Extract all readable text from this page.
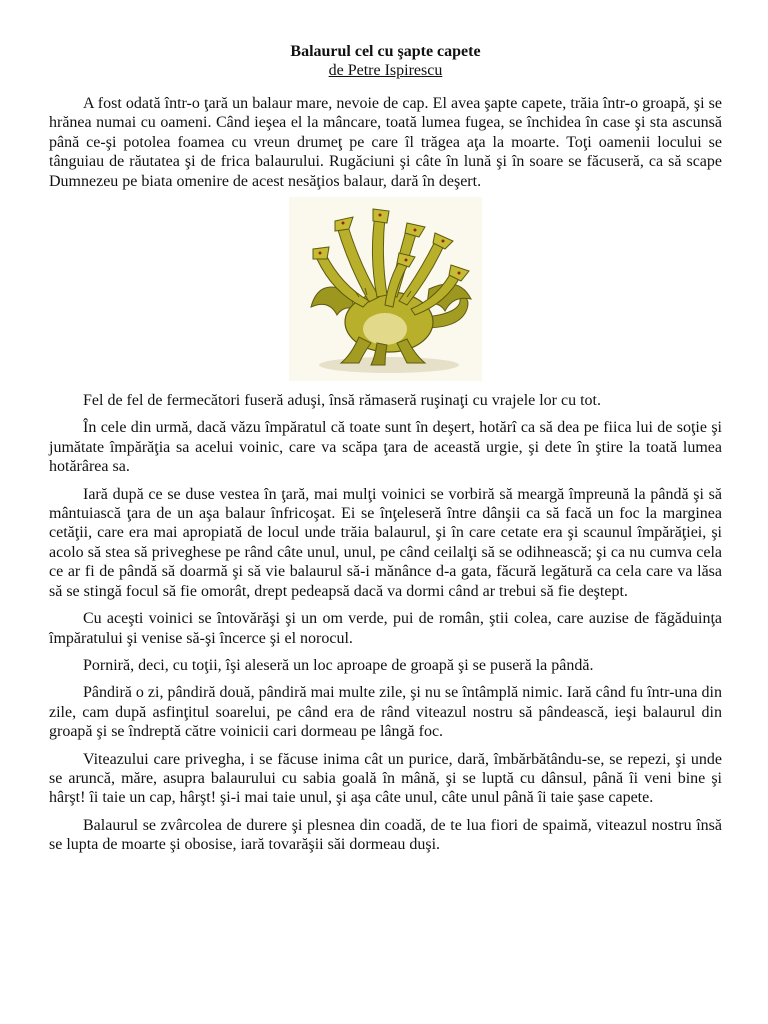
Balaurul cel cu şapte capete
de Petre Ispirescu

A fost odată într-o ţară un balaur mare, nevoie de cap. El avea şapte capete, trăia într-o groapă, şi se hrănea numai cu oameni. Când ieşea el la mâncare, toată lumea fugea, se închidea în case şi sta ascunsă până ce-şi potolea foamea cu vreun drumeţ pe care îl trăgea aţa la moarte. Toţi oamenii locului se tânguiau de răutatea şi de frica balaurului. Rugăciuni şi câte în lună şi în soare se făcuseră, ca să scape Dumnezeu pe biata omenire de acest nesăţios balaur, dară în deşert.

Fel de fel de fermecători fuseră aduşi, însă rămaseră ruşinaţi cu vrajele lor cu tot.

În cele din urmă, dacă văzu împăratul că toate sunt în deşert, hotărî ca să dea pe fiica lui de soţie şi jumătate împărăţia sa acelui voinic, care va scăpa ţara de această urgie, şi dete în ştire la toată lumea hotărârea sa.

Iară după ce se duse vestea în ţară, mai mulţi voinici se vorbiră să meargă împreună la pândă şi să mântuiască ţara de un aşa balaur înfricoşat. Ei se înţeleseră între dânşii ca să facă un foc la marginea cetăţii, care era mai apropiată de locul unde trăia balaurul, şi în care cetate era şi scaunul împărăţiei, şi acolo să stea să priveghese pe rând câte unul, unul, pe când ceilalţi să se odihnească; şi ca nu cumva cela ce ar fi de pândă să doarmă şi să vie balaurul să-i mănânce d-a gata, făcură legătură ca cela care va lăsa să se stingă focul să fie omorât, drept pedeapsă dacă va dormi când ar trebui să fie deştept.

Cu aceşti voinici se întovărăşi şi un om verde, pui de român, ştii colea, care auzise de făgăduinţa împăratului şi venise să-şi încerce şi el norocul.

Porniră, deci, cu toţii, îşi aleseră un loc aproape de groapă şi se puseră la pândă.

Pândiră o zi, pândiră două, pândiră mai multe zile, şi nu se întâmplă nimic. Iară când fu într-una din zile, cam după asfinţitul soarelui, pe când era de rând viteazul nostru să pândească, ieşi balaurul din groapă şi se îndreptă către voinicii cari dormeau pe lângă foc.

Viteazului care privegha, i se făcuse inima cât un purice, dară, îmbărbătându-se, se repezi, şi unde se aruncă, măre, asupra balaurului cu sabia goală în mână, şi se luptă cu dânsul, până îi veni bine şi hârşt! îi taie un cap, hârşt! şi-i mai taie unul, şi aşa câte unul, câte unul până îi taie şase capete.

Balaurul se zvârcolea de durere şi plesnea din coadă, de te lua fiori de spaimă, viteazul nostru însă se lupta de moarte şi obosise, iară tovarăşii săi dormeau duşi.
